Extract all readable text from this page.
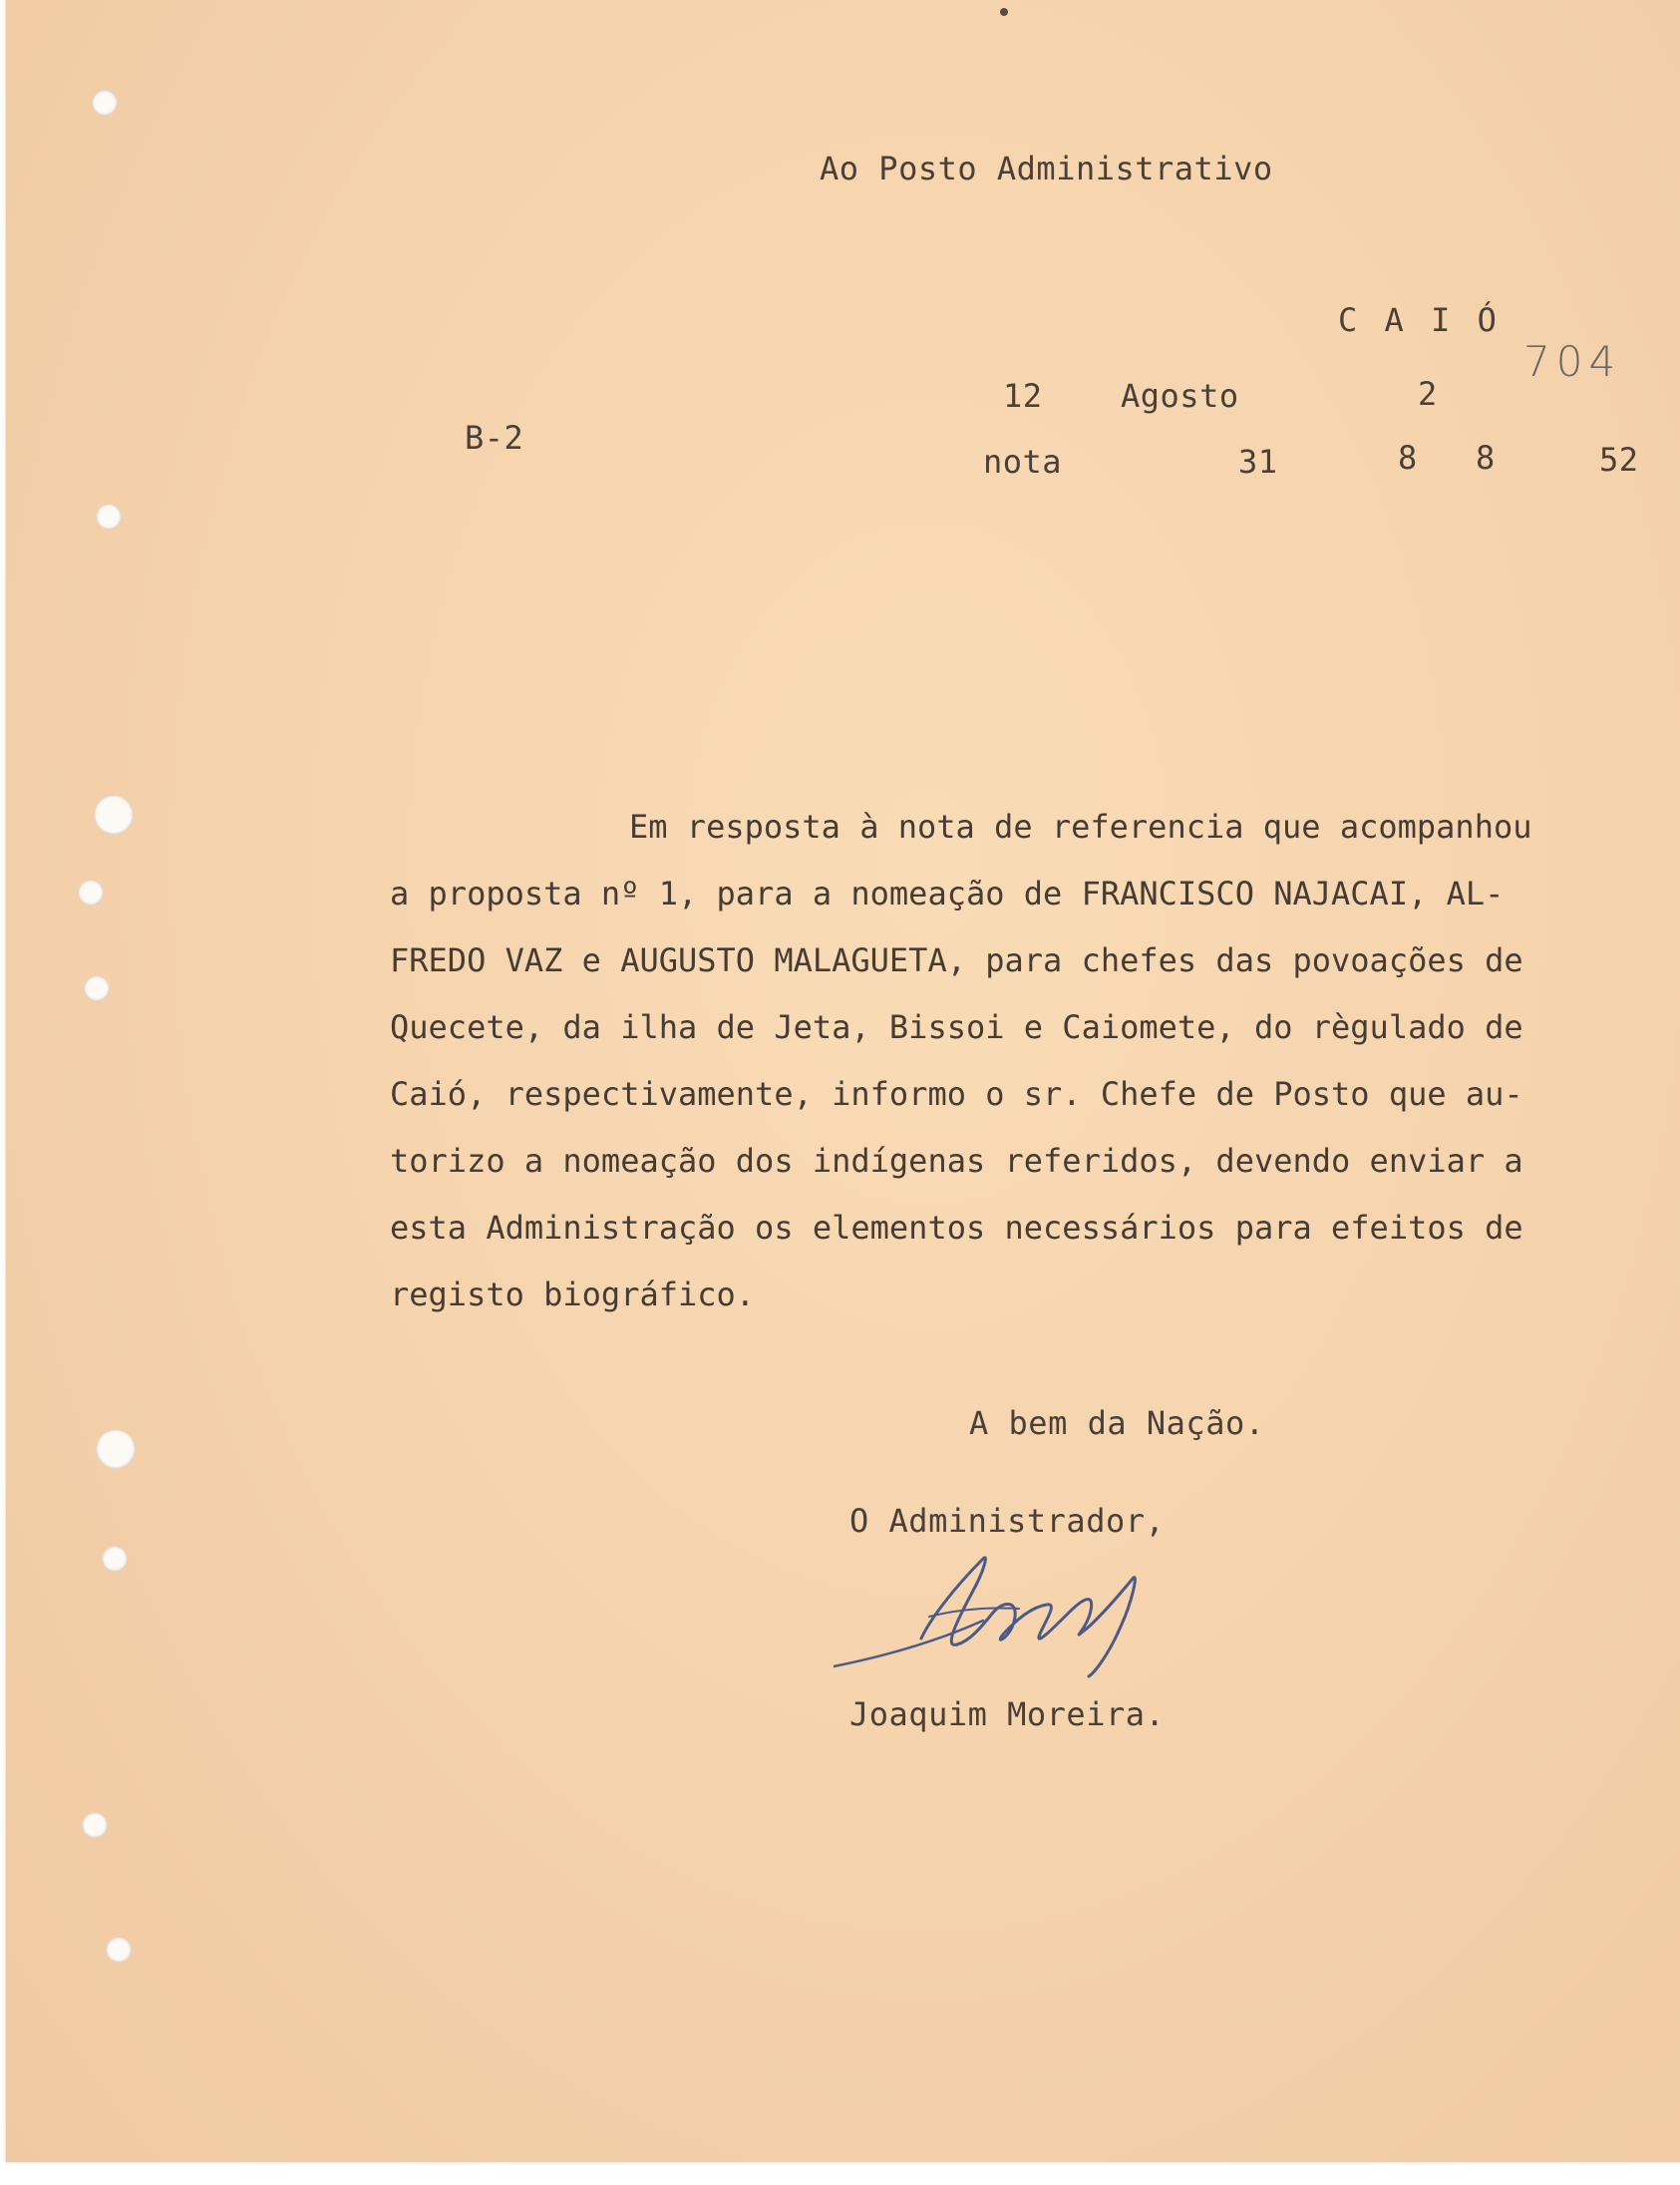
Ao Posto Administrativo
C A I Ó
704
12 Agosto	2
B-2
nota	31	8 8	52
Em resposta à nota de referencia que acompanhou
a proposta nº 1, para a nomeação de FRANCISCO NAJACAI, AL-
FREDO VAZ e AUGUSTO MALAGUETA, para chefes das povoações de
Quecete, da ilha de Jeta, Bissoi e Caiomete, do règulado de
Caió, respectivamente, informo o sr. Chefe de Posto que au-
torizo a nomeação dos indígenas referidos, devendo enviar a
esta Administração os elementos necessários para efeitos de
registo biográfico.
A bem da Nação.
O Administrador,
Joaquim Moreira.
